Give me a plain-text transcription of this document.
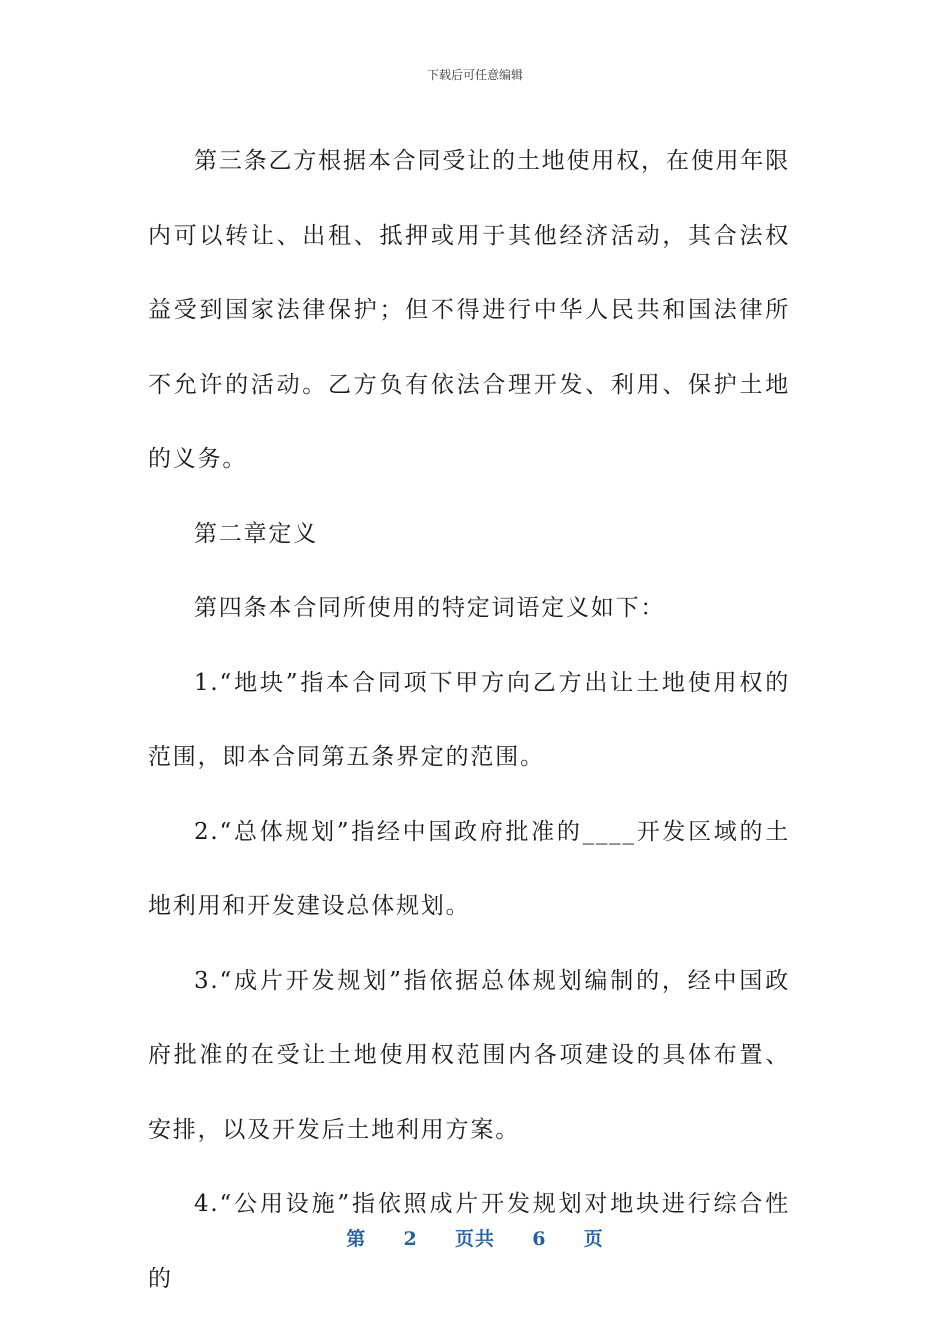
下载后可任意编辑

第三条乙方根据本合同受让的土地使用权，在使用年限内可以转让、出租、抵押或用于其他经济活动，其合法权益受到国家法律保护；但不得进行中华人民共和国法律所不允许的活动。乙方负有依法合理开发、利用、保护土地的义务。

第二章定义

第四条本合同所使用的特定词语定义如下：

1.“地块”指本合同项下甲方向乙方出让土地使用权的范围，即本合同第五条界定的范围。

2.“总体规划”指经中国政府批准的____开发区域的土地利用和开发建设总体规划。

3.“成片开发规划”指依据总体规划编制的，经中国政府批准的在受让土地使用权范围内各项建设的具体布置、安排，以及开发后土地利用方案。

4.“公用设施”指依照成片开发规划对地块进行综合性的

第 2 页共 6 页
